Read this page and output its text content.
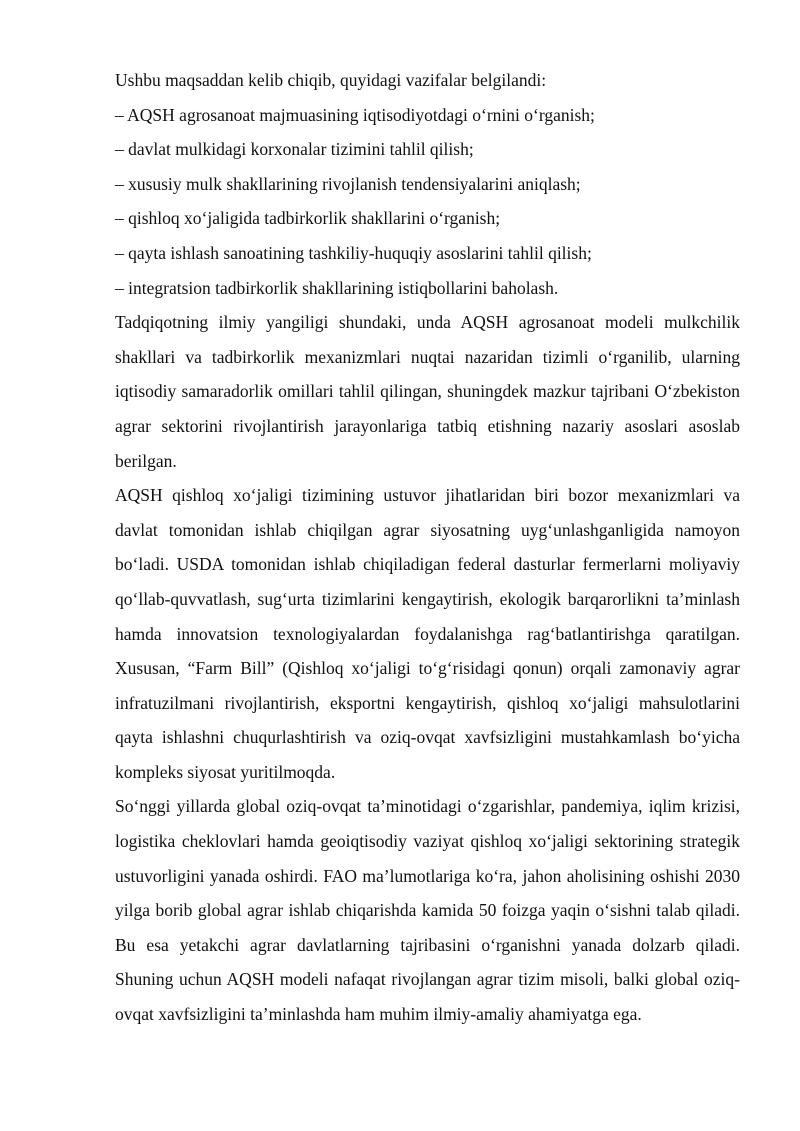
Ushbu maqsaddan kelib chiqib, quyidagi vazifalar belgilandi:

– AQSH agrosanoat majmuasining iqtisodiyotdagi o‘rnini o‘rganish;

– davlat mulkidagi korxonalar tizimini tahlil qilish;

– xususiy mulk shakllarining rivojlanish tendensiyalarini aniqlash;

– qishloq xo‘jaligida tadbirkorlik shakllarini o‘rganish;

– qayta ishlash sanoatining tashkiliy-huquqiy asoslarini tahlil qilish;

– integratsion tadbirkorlik shakllarining istiqbollarini baholash.

Tadqiqotning ilmiy yangiligi shundaki, unda AQSH agrosanoat modeli mulkchilik shakllari va tadbirkorlik mexanizmlari nuqtai nazaridan tizimli o‘rganilib, ularning iqtisodiy samaradorlik omillari tahlil qilingan, shuningdek mazkur tajribani O‘zbekiston agrar sektorini rivojlantirish jarayonlariga tatbiq etishning nazariy asoslari asoslab berilgan.

AQSH qishloq xo‘jaligi tizimining ustuvor jihatlaridan biri bozor mexanizmlari va davlat tomonidan ishlab chiqilgan agrar siyosatning uyg‘unlashganligida namoyon bo‘ladi. USDA tomonidan ishlab chiqiladigan federal dasturlar fermerlarni moliyaviy qo‘llab-quvvatlash, sug‘urta tizimlarini kengaytirish, ekologik barqarorlikni ta’minlash hamda innovatsion texnologiyalardan foydalanishga rag‘batlantirishga qaratilgan. Xususan, “Farm Bill” (Qishloq xo‘jaligi to‘g‘risidagi qonun) orqali zamonaviy agrar infratuzilmani rivojlantirish, eksportni kengaytirish, qishloq xo‘jaligi mahsulotlarini qayta ishlashni chuqurlashtirish va oziq-ovqat xavfsizligini mustahkamlash bo‘yicha kompleks siyosat yuritilmoqda.

So‘nggi yillarda global oziq-ovqat ta’minotidagi o‘zgarishlar, pandemiya, iqlim krizisi, logistika cheklovlari hamda geoiqtisodiy vaziyat qishloq xo‘jaligi sektorining strategik ustuvorligini yanada oshirdi. FAO ma’lumotlariga ko‘ra, jahon aholisining oshishi 2030 yilga borib global agrar ishlab chiqarishda kamida 50 foizga yaqin o‘sishni talab qiladi. Bu esa yetakchi agrar davlatlarning tajribasini o‘rganishni yanada dolzarb qiladi. Shuning uchun AQSH modeli nafaqat rivojlangan agrar tizim misoli, balki global oziq-ovqat xavfsizligini ta’minlashda ham muhim ilmiy-amaliy ahamiyatga ega.
